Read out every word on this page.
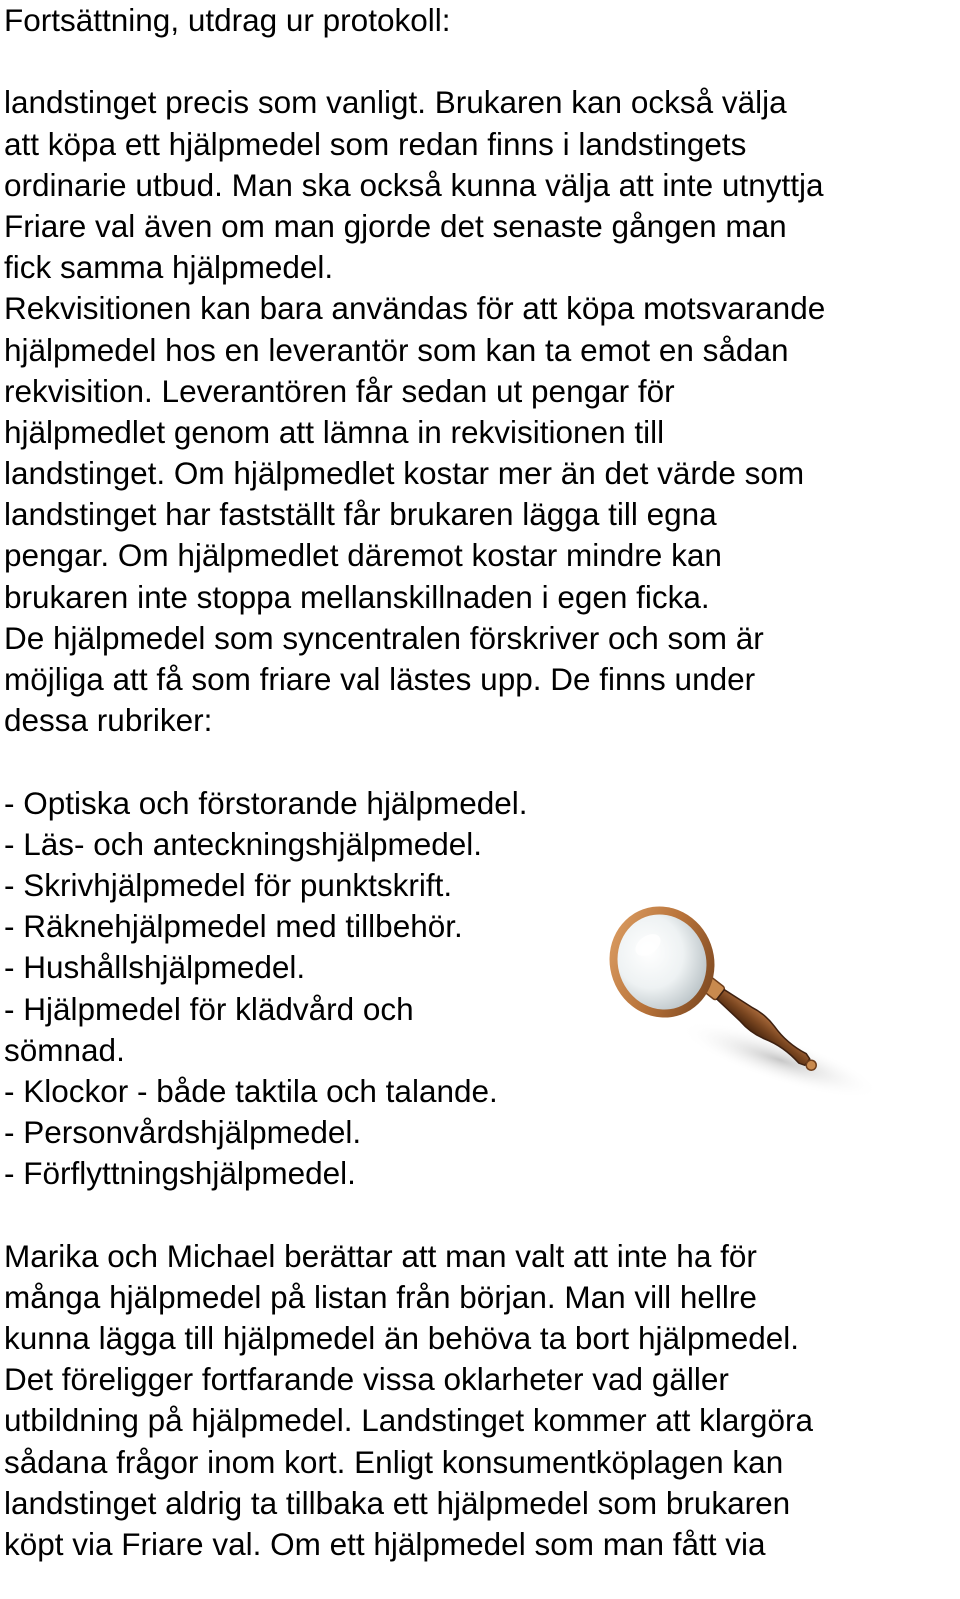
Fortsättning, utdrag ur protokoll:
landstinget precis som vanligt. Brukaren kan också välja
att köpa ett hjälpmedel som redan finns i landstingets
ordinarie utbud. Man ska också kunna välja att inte utnyttja
Friare val även om man gjorde det senaste gången man
fick samma hjälpmedel.
Rekvisitionen kan bara användas för att köpa motsvarande
hjälpmedel hos en leverantör som kan ta emot en sådan
rekvisition. Leverantören får sedan ut pengar för
hjälpmedlet genom att lämna in rekvisitionen till
landstinget. Om hjälpmedlet kostar mer än det värde som
landstinget har fastställt får brukaren lägga till egna
pengar. Om hjälpmedlet däremot kostar mindre kan
brukaren inte stoppa mellanskillnaden i egen ficka.
De hjälpmedel som syncentralen förskriver och som är
möjliga att få som friare val lästes upp. De finns under
dessa rubriker:
- Optiska och förstorande hjälpmedel.
- Läs- och anteckningshjälpmedel.
- Skrivhjälpmedel för punktskrift.
- Räknehjälpmedel med tillbehör.
- Hushållshjälpmedel.
- Hjälpmedel för klädvård och
sömnad.
- Klockor - både taktila och talande.
- Personvårdshjälpmedel.
- Förflyttningshjälpmedel.
Marika och Michael berättar att man valt att inte ha för
många hjälpmedel på listan från början. Man vill hellre
kunna lägga till hjälpmedel än behöva ta bort hjälpmedel.
Det föreligger fortfarande vissa oklarheter vad gäller
utbildning på hjälpmedel. Landstinget kommer att klargöra
sådana frågor inom kort. Enligt konsumentköplagen kan
landstinget aldrig ta tillbaka ett hjälpmedel som brukaren
köpt via Friare val. Om ett hjälpmedel som man fått via
